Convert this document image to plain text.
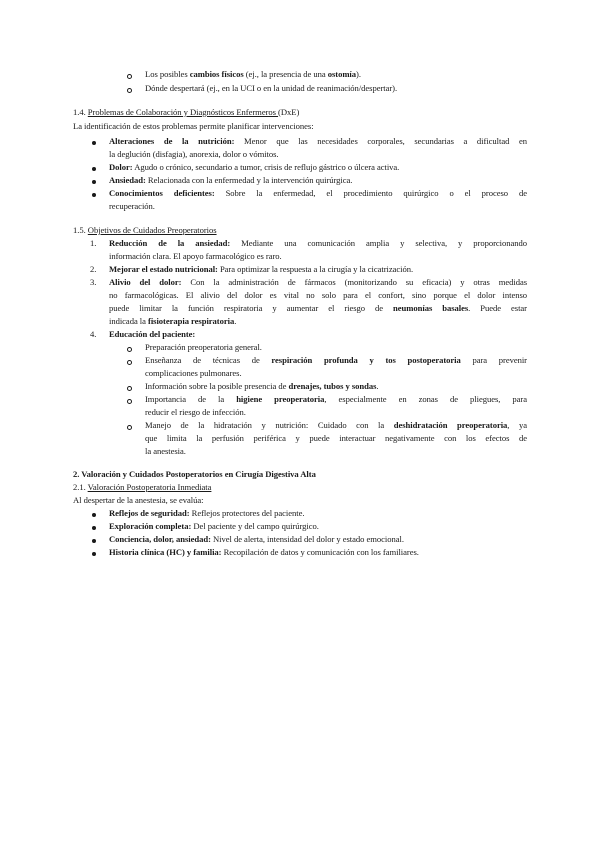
Los posibles cambios físicos (ej., la presencia de una ostomía).
Dónde despertará (ej., en la UCI o en la unidad de reanimación/despertar).
1.4. Problemas de Colaboración y Diagnósticos Enfermeros (DxE)
La identificación de estos problemas permite planificar intervenciones:
Alteraciones de la nutrición: Menor que las necesidades corporales, secundarias a dificultad en
la deglución (disfagia), anorexia, dolor o vómitos.
Dolor: Agudo o crónico, secundario a tumor, crisis de reflujo gástrico o úlcera activa.
Ansiedad: Relacionada con la enfermedad y la intervención quirúrgica.
Conocimientos deficientes: Sobre la enfermedad, el procedimiento quirúrgico o el proceso de
recuperación.
1.5. Objetivos de Cuidados Preoperatorios
1. Reducción de la ansiedad: Mediante una comunicación amplia y selectiva, y proporcionando
información clara. El apoyo farmacológico es raro.
2. Mejorar el estado nutricional: Para optimizar la respuesta a la cirugía y la cicatrización.
3. Alivio del dolor: Con la administración de fármacos (monitorizando su eficacia) y otras medidas
no farmacológicas. El alivio del dolor es vital no solo para el confort, sino porque el dolor intenso
puede limitar la función respiratoria y aumentar el riesgo de neumonías basales. Puede estar
indicada la fisioterapia respiratoria.
4. Educación del paciente:
Preparación preoperatoria general.
Enseñanza de técnicas de respiración profunda y tos postoperatoria para prevenir
complicaciones pulmonares.
Información sobre la posible presencia de drenajes, tubos y sondas.
Importancia de la higiene preoperatoria, especialmente en zonas de pliegues, para
reducir el riesgo de infección.
Manejo de la hidratación y nutrición: Cuidado con la deshidratación preoperatoria, ya
que limita la perfusión periférica y puede interactuar negativamente con los efectos de
la anestesia.
2. Valoración y Cuidados Postoperatorios en Cirugía Digestiva Alta
2.1. Valoración Postoperatoria Inmediata
Al despertar de la anestesia, se evalúa:
Reflejos de seguridad: Reflejos protectores del paciente.
Exploración completa: Del paciente y del campo quirúrgico.
Conciencia, dolor, ansiedad: Nivel de alerta, intensidad del dolor y estado emocional.
Historia clínica (HC) y familia: Recopilación de datos y comunicación con los familiares.
